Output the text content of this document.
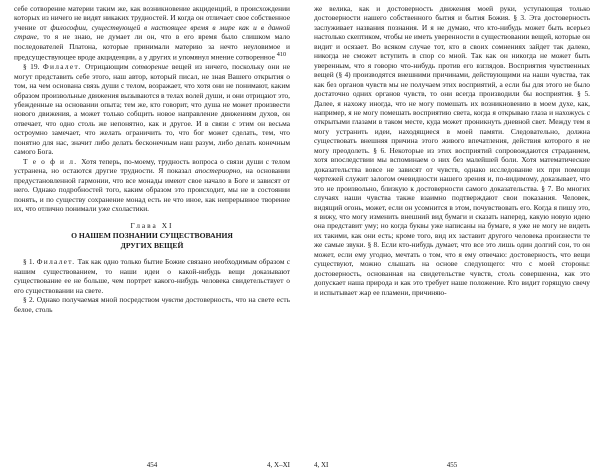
себе сотворение материи таким же, как возникновение акциденций, в происхождении которых из ничего не видят никаких трудностей. И когда он отличает свое собственное учение от философии, существующей в настоящее время в мире как и в данной стране, то я не знаю, не думает ли он, что в его время было слишком мало последователей Платона, которые принимали материю за нечто неуловимое и предсуществующее вроде акциденции, а у других и упомянул мнение сотворенное $^{410}$

§ 19. Филалет. Отрицающим сотворение вещей из ничего, поскольку они не могут представить себе этого, наш автор, который писал, не зная Вашего открытия о том, на чем основана связь души с телом, возражает, что хотя они не понимают, каким образом произвольные движения вызываются в телах волей души, и они отрицают это, убежденные на основании опыта; тем же, кто говорит, что душа не может произвести нового движения, а может только собщить новое направление движениям духов, он отвечает, что одно столь же непонятно, как и другое. И в связи с этим он весьма остроумно замечает, что желать ограничить то, что бог может сделать, тем, что понятно для нас, значит либо делать бесконечным наш разум, либо делать конечным самого Бога.

Т е о ф и л. Хотя теперь, по-моему, трудность вопроса о связи души с телом устранена, но остаются другие трудности. Я показал апостериорно, на основании предустановленной гармонии, что все монады имеют свое начало в Боге и зависят от него. Однако подробностей того, каким образом это происходит, мы не в состоянии понять, и по существу сохранение монад есть не что иное, как непрерывное творение их, что отлично понимали уже схоластики.

Глава XI
О НАШЕМ ПОЗНАНИИ СУЩЕСТВОВАНИЯ
ДРУГИХ ВЕЩЕЙ

§ 1. Филалет. Так как одно только бытие Божие связано необходимым образом с нашим существованием, то наши идеи о какой-нибудь вещи доказывают существование ее не больше, чем портрет какого-нибудь человека свидетельствует о его существовании на свете.

§ 2. Однако получаемая мной посредством чувств достоверность, что на свете есть белое, столь

454	4, X–XI

же велика, как и достоверность движения моей руки, уступающая только достоверности нашего собственного бытия и бытия Божия. § 3. Эта достоверность заслуживает названия познания. И я не думаю, что кто-нибудь может быть всерьез настолько скептиком, чтобы не иметь уверенности в существовании вещей, которые он видит и осязает. Во всяком случае тот, кто в своих сомнениях зайдет так далеко, никогда не сможет вступить в спор со мной. Так как он никогда не может быть уверенным, что я говорю что-нибудь против его взглядов. Восприятия чувственных вещей (§ 4) производятся внешними причинами, действующими на наши чувства, так как без органов чувств мы не получаем этих восприятий, а если бы для этого не было достаточно одних органов чувств, то они всегда производили бы восприятия. § 5. Далее, я нахожу иногда, что не могу помешать их возникновению в моем духе, как, например, я не могу помешать восприятию света, когда я открываю глаза и нахожусь с открытыми глазами в таком месте, куда может проникнуть дневной свет. Между тем я могу устранить идеи, находящиеся в моей памяти. Следовательно, должна существовать внешняя причина этого живого впечатления, действия которого я не могу преодолеть. § 6. Некоторые из этих восприятий сопровождаются страданием, хотя впоследствии мы вспоминаем о них без малейшей боли. Хотя математические доказательства вовсе не зависят от чувств, однако исследование их при помощи чертежей служит залогом очевидности нашего зрения и, по-видимому, доказывает, что это не произвольно, близкую к достоверности самого доказательства. § 7. Во многих случаях наши чувства также взаимно подтверждают свои показания. Человек, видящий огонь, может, если он усомнится в этом, почувствовать его. Когда я пишу это, я вижу, что могу изменить внешний вид бумаги и сказать наперед, какую новую идею она представит уму; но когда буквы уже написаны на бумаге, я уже не могу не видеть их такими, как они есть; кроме того, вид их заставит другого человека произнести те же самые звуки. § 8. Если кто-нибудь думает, что все это лишь один долгий сон, то он может, если ему угодно, мечтать о том, что я ему отвечаю: достоверность, что вещи существуют, можно слышать на основе следующего: что с моей стороны: достоверность, основанная на свидетельстве чувств, столь совершенна, как это допускает наша природа и как это требует наше положение. Кто видит горящую свечу и испытывает жар ее пламени, причиняю-

4, XI	455
